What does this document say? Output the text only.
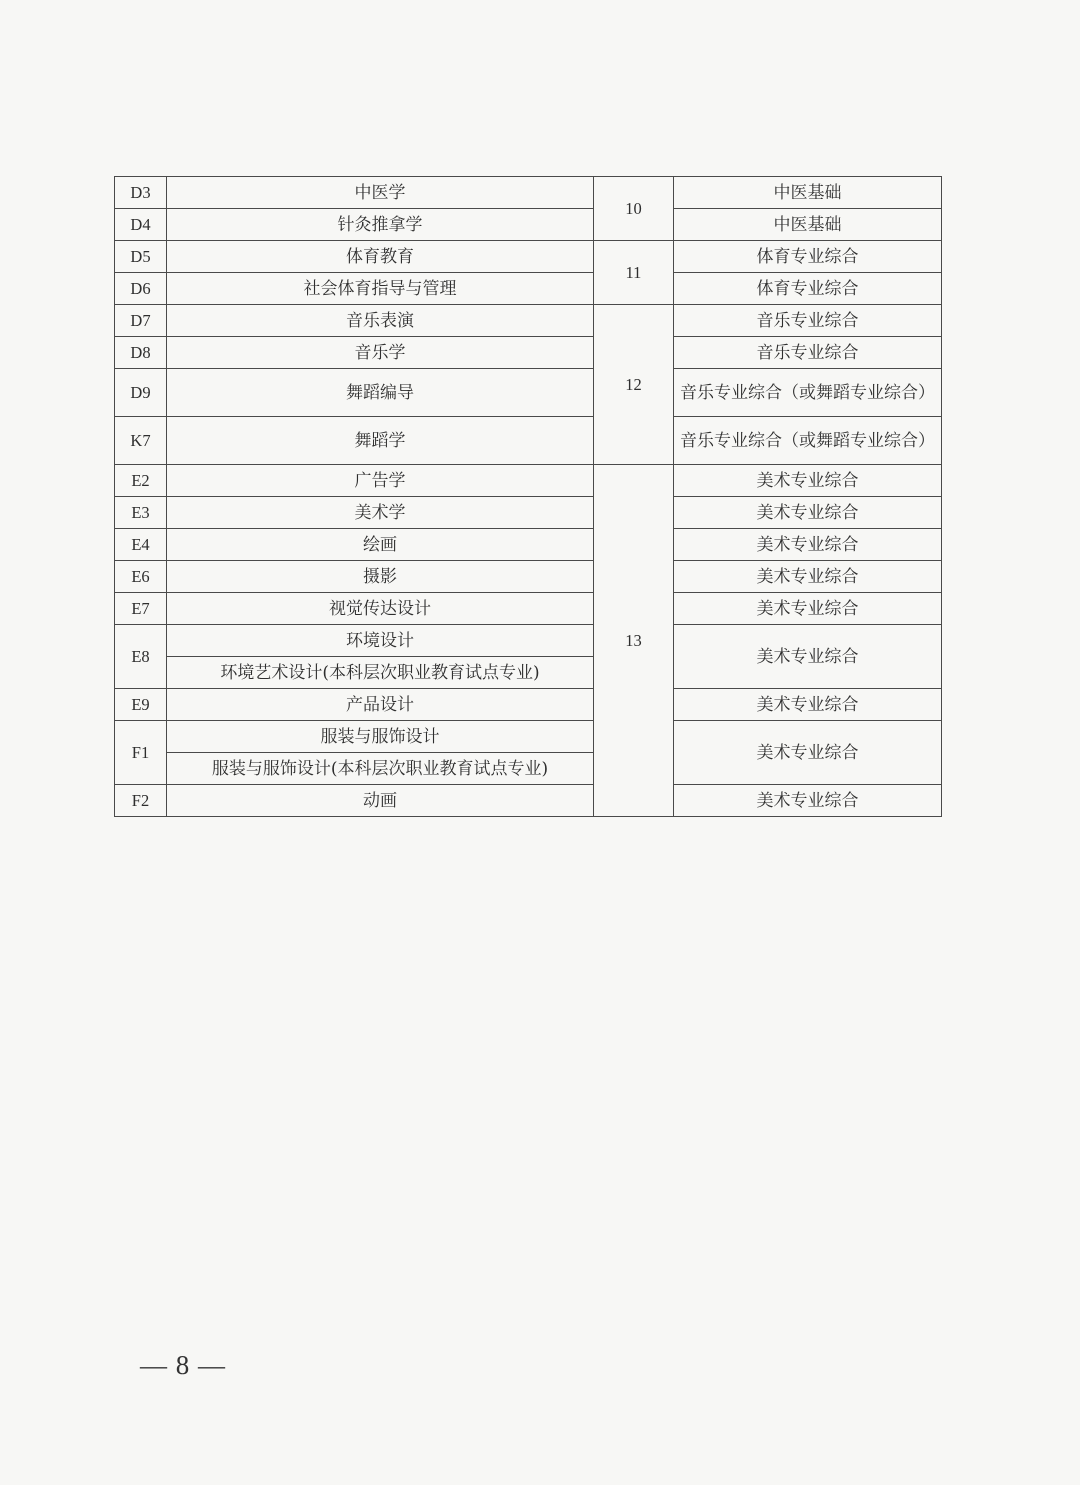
D3	中医学	10	中医基础
D4	针灸推拿学		中医基础
D5	体育教育	11	体育专业综合
D6	社会体育指导与管理		体育专业综合
D7	音乐表演	12	音乐专业综合
D8	音乐学		音乐专业综合
D9	舞蹈编导		音乐专业综合（或舞蹈专业综合）
K7	舞蹈学		音乐专业综合（或舞蹈专业综合）
E2	广告学	13	美术专业综合
E3	美术学		美术专业综合
E4	绘画		美术专业综合
E6	摄影		美术专业综合
E7	视觉传达设计		美术专业综合
E8	环境设计		美术专业综合
	环境艺术设计(本科层次职业教育试点专业)		
E9	产品设计		美术专业综合
F1	服装与服饰设计		美术专业综合
	服装与服饰设计(本科层次职业教育试点专业)		
F2	动画		美术专业综合
— 8 —
